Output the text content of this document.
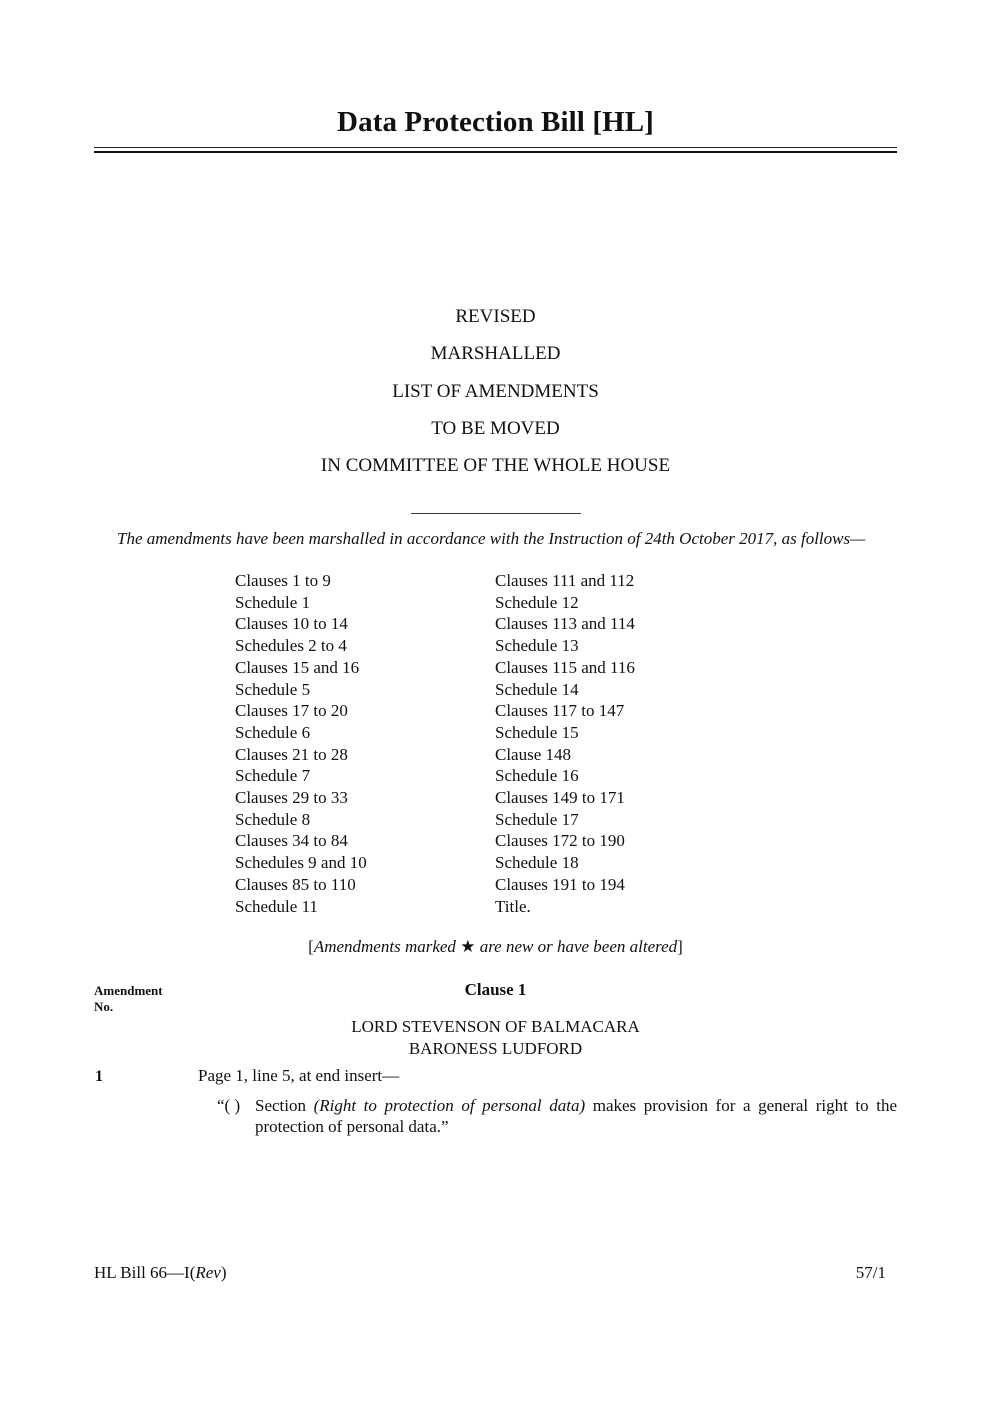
Data Protection Bill [HL]
REVISED
MARSHALLED
LIST OF AMENDMENTS
TO BE MOVED
IN COMMITTEE OF THE WHOLE HOUSE
The amendments have been marshalled in accordance with the Instruction of 24th October 2017, as follows—
Clauses 1 to 9
Schedule 1
Clauses 10 to 14
Schedules 2 to 4
Clauses 15 and 16
Schedule 5
Clauses 17 to 20
Schedule 6
Clauses 21 to 28
Schedule 7
Clauses 29 to 33
Schedule 8
Clauses 34 to 84
Schedules 9 and 10
Clauses 85 to 110
Schedule 11
Clauses 111 and 112
Schedule 12
Clauses 113 and 114
Schedule 13
Clauses 115 and 116
Schedule 14
Clauses 117 to 147
Schedule 15
Clause 148
Schedule 16
Clauses 149 to 171
Schedule 17
Clauses 172 to 190
Schedule 18
Clauses 191 to 194
Title.
[Amendments marked ★ are new or have been altered]
Amendment
No.
Clause 1
LORD STEVENSON OF BALMACARA
BARONESS LUDFORD
1	Page 1, line 5, at end insert—
“( ) Section (Right to protection of personal data) makes provision for a general right to the protection of personal data.”
HL Bill 66—I(Rev)	57/1
